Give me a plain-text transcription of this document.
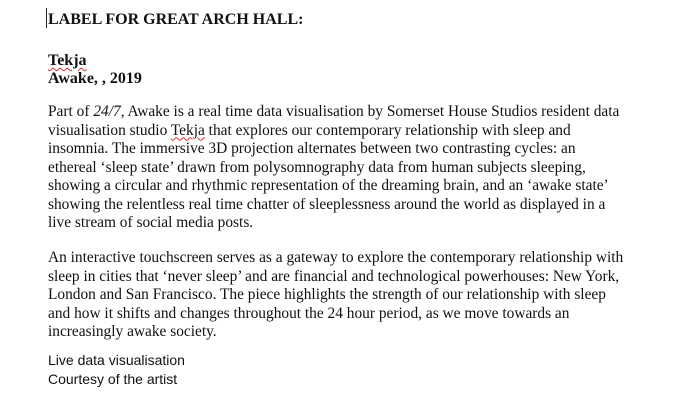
LABEL FOR GREAT ARCH HALL:
Tekja
Awake, , 2019
Part of 24/7, Awake is a real time data visualisation by Somerset House Studios resident data
visualisation studio Tekja that explores our contemporary relationship with sleep and
insomnia. The immersive 3D projection alternates between two contrasting cycles: an
ethereal ‘sleep state’ drawn from polysomnography data from human subjects sleeping,
showing a circular and rhythmic representation of the dreaming brain, and an ‘awake state’
showing the relentless real time chatter of sleeplessness around the world as displayed in a
live stream of social media posts.
An interactive touchscreen serves as a gateway to explore the contemporary relationship with
sleep in cities that ‘never sleep’ and are financial and technological powerhouses: New York,
London and San Francisco. The piece highlights the strength of our relationship with sleep
and how it shifts and changes throughout the 24 hour period, as we move towards an
increasingly awake society.
Live data visualisation
Courtesy of the artist
